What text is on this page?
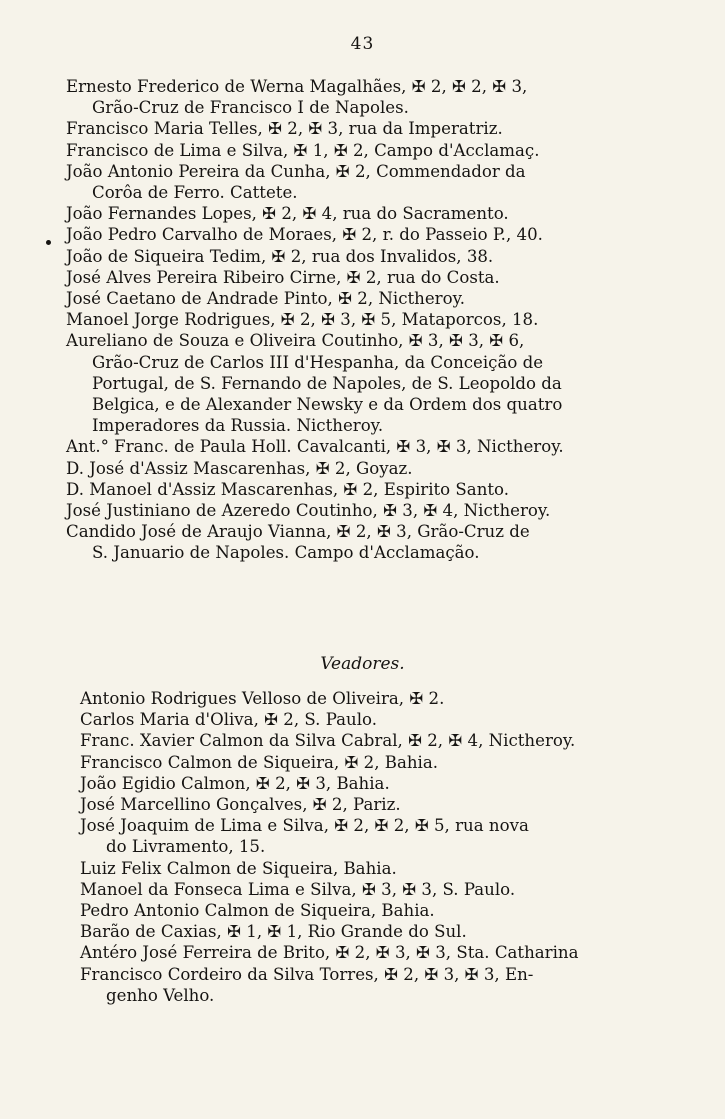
43
Ernesto Frederico de Werna Magalhães, ✠ 2, ✠ 2, ✠ 3,
Grão-Cruz de Francisco I de Napoles.
Francisco Maria Telles, ✠ 2, ✠ 3, rua da Imperatriz.
Francisco de Lima e Silva, ✠ 1, ✠ 2, Campo d'Acclamaç.
João Antonio Pereira da Cunha, ✠ 2, Commendador da
Corôa de Ferro. Cattete.
João Fernandes Lopes, ✠ 2, ✠ 4, rua do Sacramento.
João Pedro Carvalho de Moraes, ✠ 2, r. do Passeio P., 40.
João de Siqueira Tedim, ✠ 2, rua dos Invalidos, 38.
José Alves Pereira Ribeiro Cirne, ✠ 2, rua do Costa.
José Caetano de Andrade Pinto, ✠ 2, Nictheroy.
Manoel Jorge Rodrigues, ✠ 2, ✠ 3, ✠ 5, Mataporcos, 18.
Aureliano de Souza e Oliveira Coutinho, ✠ 3, ✠ 3, ✠ 6,
Grão-Cruz de Carlos III d'Hespanha, da Conceição de
Portugal, de S. Fernando de Napoles, de S. Leopoldo da
Belgica, e de Alexander Newsky e da Ordem dos quatro
Imperadores da Russia. Nictheroy.
Ant.° Franc. de Paula Holl. Cavalcanti, ✠ 3, ✠ 3, Nictheroy.
D. José d'Assiz Mascarenhas, ✠ 2, Goyaz.
D. Manoel d'Assiz Mascarenhas, ✠ 2, Espirito Santo.
José Justiniano de Azeredo Coutinho, ✠ 3, ✠ 4, Nictheroy.
Candido José de Araujo Vianna, ✠ 2, ✠ 3, Grão-Cruz de
S. Januario de Napoles. Campo d'Acclamação.
Veadores.
Antonio Rodrigues Velloso de Oliveira, ✠ 2.
Carlos Maria d'Oliva, ✠ 2, S. Paulo.
Franc. Xavier Calmon da Silva Cabral, ✠ 2, ✠ 4, Nictheroy.
Francisco Calmon de Siqueira, ✠ 2, Bahia.
João Egidio Calmon, ✠ 2, ✠ 3, Bahia.
José Marcellino Gonçalves, ✠ 2, Pariz.
José Joaquim de Lima e Silva, ✠ 2, ✠ 2, ✠ 5, rua nova
do Livramento, 15.
Luiz Felix Calmon de Siqueira, Bahia.
Manoel da Fonseca Lima e Silva, ✠ 3, ✠ 3, S. Paulo.
Pedro Antonio Calmon de Siqueira, Bahia.
Barão de Caxias, ✠ 1, ✠ 1, Rio Grande do Sul.
Antéro José Ferreira de Brito, ✠ 2, ✠ 3, ✠ 3, Sta. Catharina
Francisco Cordeiro da Silva Torres, ✠ 2, ✠ 3, ✠ 3, En-
genho Velho.
